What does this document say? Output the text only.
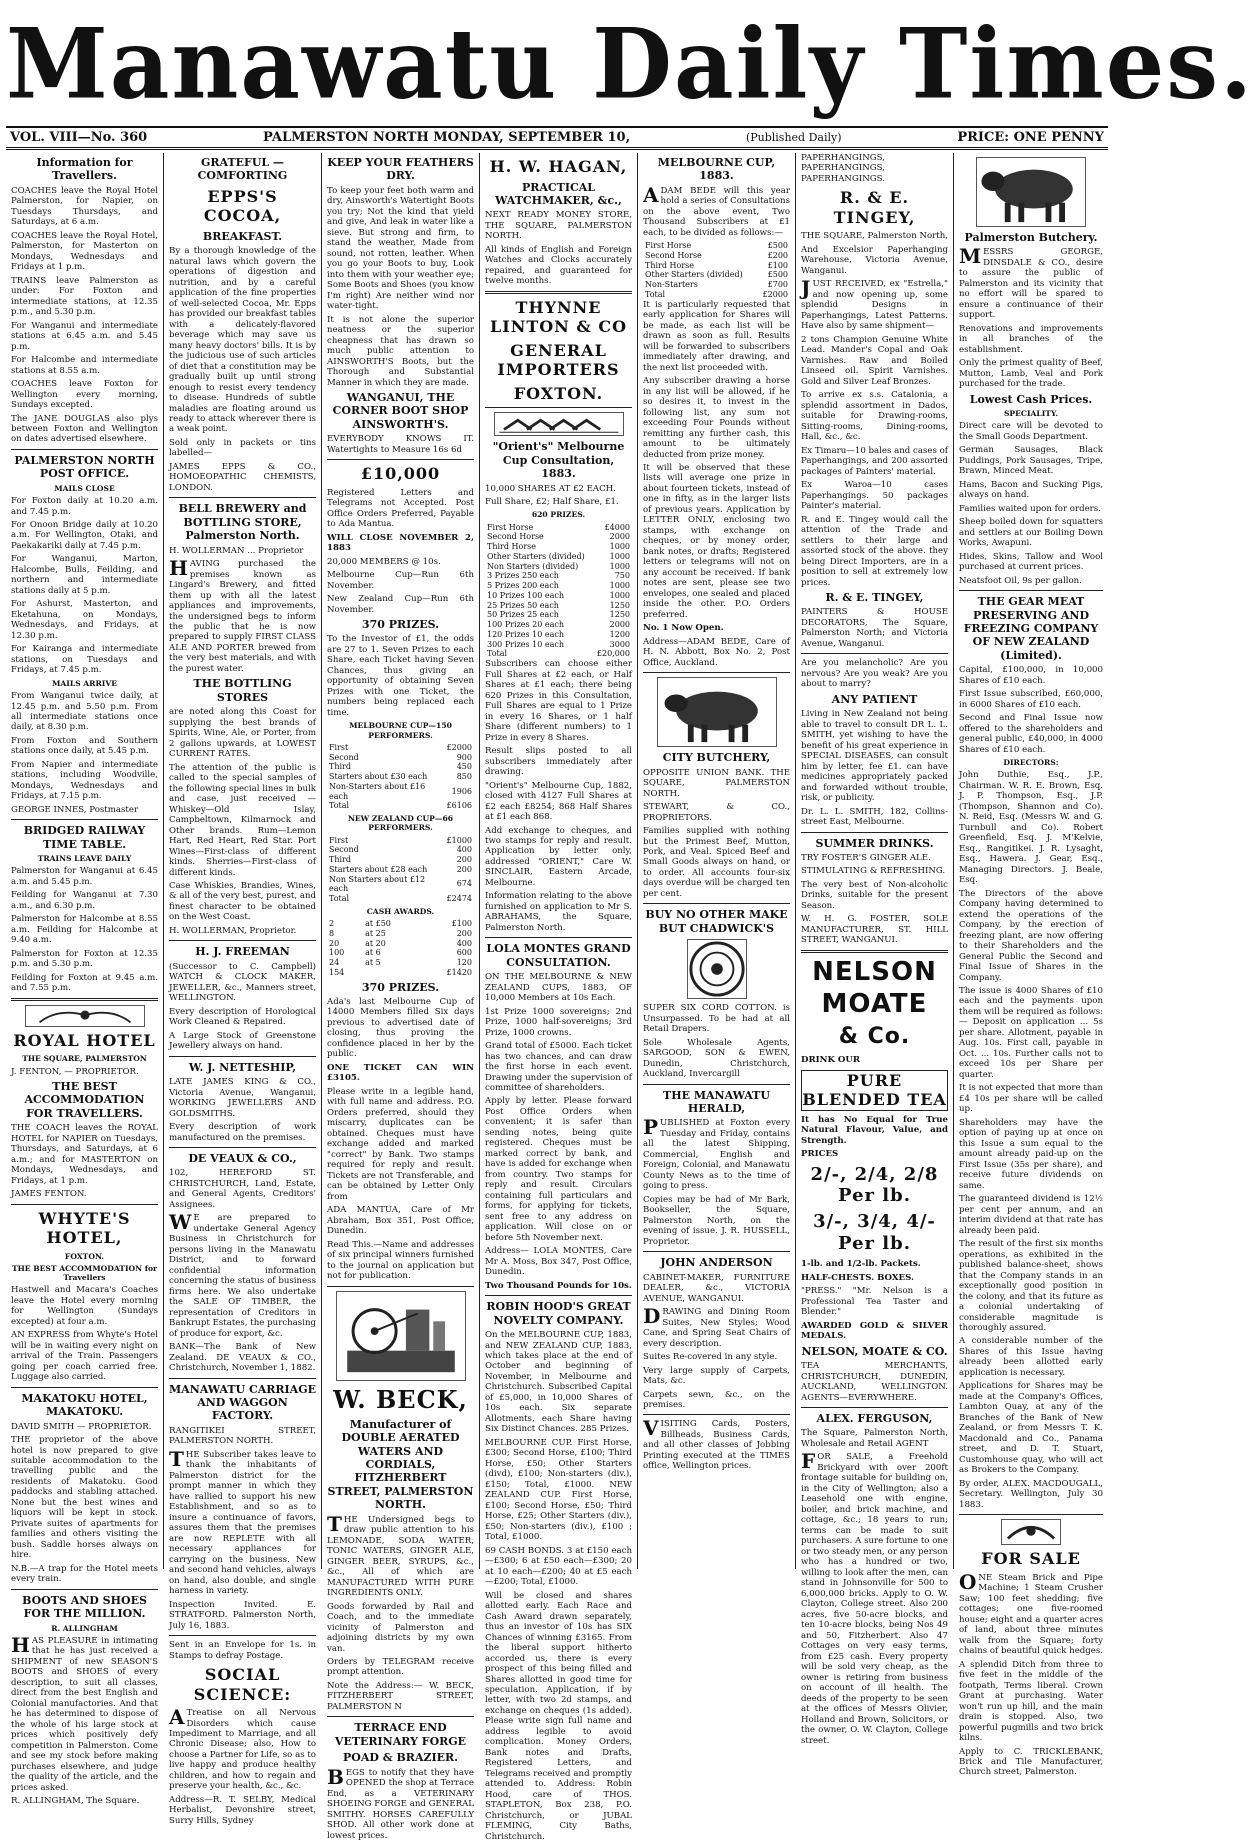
Manawatu Daily Times.
VOL. VIII—No. 360	PALMERSTON NORTH MONDAY, SEPTEMBER 10,	(Published Daily)	PRICE: ONE PENNY
Information for Travellers.

COACHES leave the Royal Hotel Palmerston, for Napier, on Tuesdays Thursdays, and Saturdays, at 6 a.m.

COACHES leave the Royal Hotel, Palmerston, for Masterton on Mondays, Wednesdays and Fridays at 1 p.m.

TRAINS leave Palmerston as under: For Foxton and intermediate stations, at 12.35 p.m., and 5.30 p.m.

For Wanganui and intermediate stations at 6.45 a.m. and 5.45 p.m.

For Halcombe and intermediate stations at 8.55 a.m.

COACHES leave Foxton for Wellington every morning, Sundays excepted.

The JANE DOUGLAS also plys between Foxton and Wellington on dates advertised elsewhere.

PALMERSTON NORTH POST OFFICE.
MAILS CLOSE

For Foxton daily at 10.20 a.m. and 7.45 p.m.

For Onoon Bridge daily at 10.20 a.m. For Wellington, Otaki, and Paekakariki daily at 7.45 p.m.

For Wanganui, Marton, Halcombe, Bulls, Feilding, and northern and intermediate stations daily at 5 p.m.

For Ashurst, Masterton, and Eketahuna, on Mondays, Wednesdays, and Fridays, at 12.30 p.m.

For Kairanga and intermediate stations, on Tuesdays and Fridays, at 7.45 p.m.

MAILS ARRIVE

From Wanganui twice daily, at 12.45 p.m. and 5.50 p.m. From all intermediate stations once daily, at 8.30 p.m.

From Foxton and Southern stations once daily, at 5.45 p.m.

From Napier and intermediate stations, including Woodville, Mondays, Wednesdays and Fridays, at 7.15 p.m.

GEORGE INNES, Postmaster

BRIDGED RAILWAY TIME TABLE.
TRAINS LEAVE DAILY

Palmerston for Wanganui at 6.45 a.m. and 5.45 p.m.

Feilding for Wanganui at 7.30 a.m., and 6.30 p.m.

Palmerston for Halcombe at 8.55 a.m. Feilding for Halcombe at 9.40 a.m.

Palmerston for Foxton at 12.35 p.m. and 5.30 p.m.

Feilding for Foxton at 9.45 a.m. and 7.55 p.m.

ROYAL HOTEL
THE SQUARE, PALMERSTON

J. FENTON, — PROPRIETOR.

THE BEST ACCOMMODATION FOR TRAVELLERS.

THE COACH leaves the ROYAL HOTEL for NAPIER on Tuesdays, Thursdays, and Saturdays, at 6 a.m.; and for MASTERTON on Mondays, Wednesdays, and Fridays, at 1 p.m.

JAMES FENTON.

WHYTE'S HOTEL,
FOXTON.
THE BEST ACCOMMODATION for Travellers

Hastwell and Macara's Coaches leave the Hotel every morning for Wellington (Sundays excepted) at four a.m.

AN EXPRESS from Whyte's Hotel will be in waiting every night on arrival of the Train. Passengers going per coach carried free. Luggage also carried.

MAKATOKU HOTEL, MAKATOKU.

DAVID SMITH — PROPRIETOR.

THE proprietor of the above hotel is now prepared to give suitable accommodation to the travelling public and the residents of Makatoku. Good paddocks and stabling attached. None but the best wines and liquors will be kept in stock. Private suites of apartments for families and others visiting the bush. Saddle horses always on hire.

N.B.—A trap for the Hotel meets every train.

BOOTS AND SHOES FOR THE MILLION.
R. ALLINGHAM

HAS PLEASURE in intimating that he has just received a SHIPMENT of new SEASON'S BOOTS and SHOES of every description, to suit all classes, direct from the best English and Colonial manufactories. And that he has determined to dispose of the whole of his large stock at prices which positively defy competition in Palmerston. Come and see my stock before making purchases elsewhere, and judge the quality of the article, and the prices asked.

R. ALLINGHAM, The Square.

GRATEFUL — COMFORTING
EPPS'S COCOA,
BREAKFAST.

By a thorough knowledge of the natural laws which govern the operations of digestion and nutrition, and by a careful application of the fine properties of well-selected Cocoa, Mr. Epps has provided our breakfast tables with a delicately-flavored beverage which may save us many heavy doctors' bills. It is by the judicious use of such articles of diet that a constitution may be gradually built up until strong enough to resist every tendency to disease. Hundreds of subtle maladies are floating around us ready to attack wherever there is a weak point.

Sold only in packets or tins labelled—

JAMES EPPS & CO., HOMOEOPATHIC CHEMISTS, LONDON.

BELL BREWERY and BOTTLING STORE, Palmerston North.

H. WOLLERMAN ... Proprietor

HAVING purchased the premises known as Lingard's Brewery, and fitted them up with all the latest appliances and improvements, the undersigned begs to inform the public that he is now prepared to supply FIRST CLASS ALE AND PORTER brewed from the very best materials, and with the purest water.

THE BOTTLING STORES

are noted along this Coast for supplying the best brands of Spirits, Wine, Ale, or Porter, from 2 gallons upwards, at LOWEST CURRENT RATES.

The attention of the public is called to the special samples of the following special lines in bulk and case, just received — Whiskey—Old Islay, Campbeltown, Kilmarnock and Other brands. Rum—Lemon Hart, Red Heart, Red Star. Port Wines—First-class of different kinds. Sherries—First-class of different kinds.

Case Whiskies, Brandies, Wines, & all of the very best, purest, and finest character to be obtained on the West Coast.

H. WOLLERMAN, Proprietor.

H. J. FREEMAN

(Successor to C. Campbell) WATCH & CLOCK MAKER, JEWELLER, &c., Manners street, WELLINGTON.

Every description of Horological Work Cleaned & Repaired.

A Large Stock of Greenstone Jewellery always on hand.

W. J. NETTESHIP,

LATE JAMES KING & CO., Victoria Avenue, Wanganui, WORKING JEWELLERS AND GOLDSMITHS.

Every description of work manufactured on the premises.

DE VEAUX & CO.,

102, HEREFORD ST. CHRISTCHURCH, Land, Estate, and General Agents, Creditors' Assignees.

WE are prepared to undertake General Agency Business in Christchurch for persons living in the Manawatu District, and to forward confidential information concerning the status of business firms here. We also undertake the SALE OF TIMBER, the representation of Creditors in Bankrupt Estates, the purchasing of produce for export, &c.

BANK—The Bank of New Zealand. DE VEAUX & CO., Christchurch, November 1, 1882.

MANAWATU CARRIAGE AND WAGGON FACTORY.

RANGITIKEI STREET, PALMERSTON NORTH.

THE Subscriber takes leave to thank the inhabitants of Palmerston district for the prompt manner in which they have rallied to support his new Establishment, and so as to insure a continuance of favors, assures them that the premises are now REPLETE with all necessary appliances for carrying on the business. New and second hand vehicles, always on hand, also double, and single harness in variety.

Inspection Invited. E. STRATFORD. Palmerston North, July 16, 1883.

Sent in an Envelope for 1s. in Stamps to defray Postage.

SOCIAL SCIENCE:

ATreatise on all Nervous Disorders which cause Impediment to Marriage, and all Chronic Disease; also, How to choose a Partner for Life, so as to live happy and produce healthy children, and how to regain and preserve your health, &c., &c.

Address—R. T. SELBY, Medical Herbalist, Devonshire street, Surry Hills, Sydney

KEEP YOUR FEATHERS DRY.

To keep your feet both warm and dry, Ainsworth's Watertight Boots you try; Not the kind that yield and give, And leak in water like a sieve. But strong and firm, to stand the weather, Made from sound, not rotten, leather. When you go your Boots to buy, Look into them with your weather eye; Some Boots and Shoes (you know I'm right) Are neither wind nor water-tight.

It is not alone the superior neatness or the superior cheapness that has drawn so much public attention to AINSWORTH'S Boots, but the Thorough and Substantial Manner in which they are made.

WANGANUI, THE CORNER BOOT SHOP AINSWORTH'S.

EVERYBODY KNOWS IT. Watertights to Measure 16s 6d

£10,000

Registered Letters and Telegrams not Accepted. Post Office Orders Preferred, Payable to Ada Mantua.

WILL CLOSE NOVEMBER 2, 1883

20,000 MEMBERS @ 10s.

Melbourne Cup—Run 6th November.

New Zealand Cup—Run 6th November.

370 PRIZES.

To the Investor of £1, the odds are 27 to 1. Seven Prizes to each Share, each Ticket having Seven Chances, thus giving an opportunity of obtaining Seven Prizes with one Ticket, the numbers being replaced each time.

MELBOURNE CUP—150 PERFORMERS.
First	£2000
Second	900
Third	450
Starters about £30 each	850
Non-Starters about £16 each	1906
Total	£6106
NEW ZEALAND CUP—66 PERFORMERS.
First	£1000
Second	400
Third	200
Starters about £28 each	200
Non Starters about £12 each	674
Total	£2474
CASH AWARDS.
2	at £50	£100
8	at 25	200
20	at 20	400
100	at 6	600
24	at 5	120
154		£1420
370 PRIZES.

Ada's last Melbourne Cup of 14000 Members filled Six days previous to advertised date of closing, thus proving the confidence placed in her by the public.

ONE TICKET CAN WIN £3105.

Please write in a legible hand, with full name and address. P.O. Orders preferred, should they miscarry, duplicates can be obtained. Cheques must have exchange added and marked "correct" by Bank. Two stamps required for reply and result. Tickets are not Transferable, and can be obtained by Letter Only from

ADA MANTUA, Care of Mr Abraham, Box 351, Post Office, Dunedin.

Read This.—Name and addresses of six principal winners furnished to the journal on application but not for publication.

W. BECK,
Manufacturer of DOUBLE AERATED WATERS AND CORDIALS, FITZHERBERT STREET, PALMERSTON NORTH.

THE Undersigned begs to draw public attention to his LEMONADE, SODA WATER, TONIC WATERS, GINGER ALE, GINGER BEER, SYRUPS, &c., &c., All of which are MANUFACTURED WITH PURE INGREDIENTS ONLY.

Goods forwarded by Rail and Coach, and to the immediate vicinity of Palmerston and adjoining districts by my own van.

Orders by TELEGRAM receive prompt attention.

Note the Address:— W. BECK, FITZHERBERT STREET, PALMERSTON N

TERRACE END VETERINARY FORGE
POAD & BRAZIER.

BEGS to notify that they have OPENED the shop at Terrace End, as a VETERINARY SHOEING FORGE and GENERAL SMITHY. HORSES CAREFULLY SHOD. All other work done at lowest prices.

H. W. HAGAN,
PRACTICAL WATCHMAKER, &c.,

NEXT READY MONEY STORE, THE SQUARE, PALMERSTON NORTH.

All kinds of English and Foreign Watches and Clocks accurately repaired, and guaranteed for twelve months.

THYNNE LINTON & CO
GENERAL IMPORTERS
FOXTON.
"Orient's" Melbourne Cup Consultation, 1883.

10,000 SHARES AT £2 EACH.

Full Share, £2; Half Share, £1.

620 PRIZES.
First Horse	£4000
Second Horse	2000
Third Horse	1000
Other Starters (divided)	1000
Non Starters (divided)	1000
3 Prizes 250 each	750
5 Prizes 200 each	1000
10 Prizes 100 each	1000
25 Prizes 50 each	1250
50 Prizes 25 each	1250
100 Prizes 20 each	2000
120 Prizes 10 each	1200
300 Prizes 10 each	3000
Total	£20,000

Subscribers can choose either Full Shares at £2 each, or Half Shares at £1 each; there being 620 Prizes in this Consultation, Full Shares are equal to 1 Prize in every 16 Shares, or 1 half Share (different numbers) to 1 Prize in every 8 Shares.

Result slips posted to all subscribers immediately after drawing.

"Orient's" Melbourne Cup, 1882, closed with 4127 Full Shares at £2 each £8254; 868 Half Shares at £1 each 868.

Add exchange to cheques, and two stamps for reply and result. Application by letter only, addressed "ORIENT," Care W. SINCLAIR, Eastern Arcade, Melbourne.

Information relating to the above furnished on application to Mr S. ABRAHAMS, the Square, Palmerston North.

LOLA MONTES GRAND CONSULTATION.

ON THE MELBOURNE & NEW ZEALAND CUPS, 1883, OF 10,000 Members at 10s Each.

1st Prize 1000 sovereigns; 2nd Prize, 1000 half-sovereigns; 3rd Prize, 1000 crowns.

Grand total of £5000. Each ticket has two chances, and can draw the first horse in each event. Drawing under the supervision of committee of shareholders.

Apply by letter. Please forward Post Office Orders when convenient; it is safer than sending notes, being quite registered. Cheques must be marked correct by bank, and have is added for exchange when from country. Two stamps for reply and result. Circulars containing full particulars and forms, for applying for tickets, sent free to any address on application. Will close on or before 5th November next.

Address— LOLA MONTES, Care Mr A. Moss, Box 347, Post Office, Dunedin.

Two Thousand Pounds for 10s.

ROBIN HOOD'S GREAT NOVELTY COMPANY.

On the MELBOURNE CUP, 1883, and NEW ZEALAND CUP, 1883, which takes place at the end of October and beginning of November, in Melbourne and Christchurch. Subscribed Capital of £5,000, in 10,000 Shares of 10s each. Six separate Allotments, each Share having Six Distinct Chances. 285 Prizes.

MELBOURNE CUP. First Horse, £300; Second Horse, £100; Third Horse, £50; Other Starters (divd), £100; Non-starters (div.), £150; Total, £1000. NEW ZEALAND CUP. First Horse, £100; Second Horse, £50; Third Horse, £25; Other Starters (div.), £50; Non-starters (div.), £100 ; Total, £1000.

69 CASH BONDS. 3 at £150 each—£300; 6 at £50 each—£300; 20 at 10 each—£200; 40 at £5 each—£200; Total, £1000.

Will be closed and shares allotted early. Each Race and Cash Award drawn separately, thus an investor of 10s has SIX Chances of winning £3165. From the liberal support hitherto accorded us, there is every prospect of this being filled and Shares allotted in good time for speculation. Application, if by letter, with two 2d stamps, and exchange on cheques (1s added). Please write sign full name and address legible to avoid complication. Money Orders, Bank notes and Drafts, Registered Letters, and Telegrams received and promptly attended to. Address: Robin Hood, care of THOS. STAPLETON, Box 238, P.O. Christchurch, or JUBAL FLEMING, City Baths, Christchurch.

MELBOURNE CUP, 1883.

ADAM BEDE will this year hold a series of Consultations on the above event, Two Thousand Subscribers at £1 each, to be divided as follows:—

First Horse	£500
Second Horse	£200
Third Horse	£100
Other Starters (divided)	£500
Non-Starters	£700
Total	£2000

It is particularly requested that early application for Shares will be made, as each list will be drawn as soon as full. Results will be forwarded to subscribers immediately after drawing, and the next list proceeded with.

Any subscriber drawing a horse in any list will be allowed, if he so desires it, to invest in the following list, any sum not exceeding Four Pounds without remitting any further cash, this amount to be ultimately deducted from prize money.

It will be observed that these lists will average one prize in about fourteen tickets, instead of one in fifty, as in the larger lists of previous years. Application by LETTER ONLY, enclosing two stamps, with exchange on cheques, or by money order, bank notes, or drafts; Registered letters or telegrams will not on any account be received. If bank notes are sent, please see two envelopes, one sealed and placed inside the other. P.O. Orders preferred.

No. 1 Now Open.

Address—ADAM BEDE, Care of H. N. Abbott, Box No. 2, Post Office, Auckland.

CITY BUTCHERY,

OPPOSITE UNION BANK. THE SQUARE, PALMERSTON NORTH.

STEWART, & CO., PROPRIETORS.

Families supplied with nothing but the Primest Beef, Mutton, Pork, and Veal. Spiced Beef and Small Goods always on hand, or to order. All accounts four-six days overdue will be charged ten per cent.

BUY NO OTHER MAKE BUT CHADWICK'S

SUPER SIX CORD COTTON. is Unsurpassed. To be had at all Retail Drapers.

Sole Wholesale Agents, SARGOOD, SON & EWEN, Dunedin, Christchurch, Auckland, Invercargill

THE MANAWATU HERALD,

PUBLISHED at Foxton every Tuesday and Friday, contains all the latest Shipping, Commercial, English and Foreign, Colonial, and Manawatu County News as to the time of going to press.

Copies may be had of Mr Bark, Bookseller, the Square, Palmerston North, on the evening of issue. J. R. HUSSELL, Proprietor.

JOHN ANDERSON

CABINET-MAKER, FURNITURE DEALER, &c., VICTORIA AVENUE, WANGANUI.

DRAWING and Dining Room Suites, New Styles; Wood Cane, and Spring Seat Chairs of every description.

Suites Re-covered in any style.

Very large supply of Carpets, Mats, &c.

Carpets sewn, &c., on the premises.

VISITING Cards, Posters, Billheads, Business Cards, and all other classes of Jobbing Printing executed at the TIMES office, Wellington prices.

PAPERHANGINGS, PAPERHANGINGS, PAPERHANGINGS.

R. & E. TINGEY,

THE SQUARE, Palmerston North,

And Excelsior Paperhanging Warehouse, Victoria Avenue, Wanganui.

JUST RECEIVED, ex "Estrella," and now opening up, some splendid Designs in Paperhangings, Latest Patterns. Have also by same shipment—

2 tons Champion Genuine White Lead. Mander's Copal and Oak Varnishes. Raw and Boiled Linseed oil. Spirit Varnishes. Gold and Silver Leaf Bronzes.

To arrive ex s.s. Catalonia, a splendid assortment in Dados, suitable for Drawing-rooms, Sitting-rooms, Dining-rooms, Hall, &c., &c.

Ex Timaru—10 bales and cases of Paperhangings, and 200 assorted packages of Painters' material.

Ex Waroa—10 cases Paperhangings. 50 packages Painter's material.

R. and E. Tingey would call the attention of the Trade and settlers to their large and assorted stock of the above. they being Direct Importers, are in a position to sell at extremely low prices.

R. & E. TINGEY,

PAINTERS & HOUSE DECORATORS, The Square, Palmerston North; and Victoria Avenue, Wanganui.

Are you melancholic? Are you nervous? Are you weak? Are you about to marry?

ANY PATIENT

Living in New Zealand not being able to travel to consult DR L. L. SMITH, yet wishing to have the benefit of his great experience in SPECIAL DISEASES, can consult him by letter, fee £1. can have medicines appropriately packed and forwarded without trouble, risk, or publicity.

Dr. L. L. SMITH, 182, Collins-street East, Melbourne.

SUMMER DRINKS.

TRY FOSTER'S GINGER ALE.

STIMULATING & REFRESHING.

The very best of Non-alcoholic Drinks, suitable for the present Season.

W. H. G. FOSTER, SOLE MANUFACTURER, ST. HILL STREET, WANGANUI.

NELSON MOATE
& Co.

DRINK OUR

PURE BLENDED TEA

It has No Equal for True Natural Flavour, Value, and Strength.

PRICES

2/-, 2/4, 2/8 Per lb.
3/-, 3/4, 4/- Per lb.

1-lb. and 1/2-lb. Packets.

HALF-CHESTS. BOXES.

"PRESS." "Mr. Nelson is a Professional Tea Taster and Blender."

AWARDED GOLD & SILVER MEDALS.

NELSON, MOATE & CO.

TEA MERCHANTS, CHRISTCHURCH, DUNEDIN, AUCKLAND, WELLINGTON. AGENTS—EVERYWHERE.

ALEX. FERGUSON,

The Square, Palmerston North, Wholesale and Retail AGENT

FOR SALE, a Freehold Brickyard with over 200ft frontage suitable for building on, in the City of Wellington; also a Leasehold one with engine, boiler, and brick machine, and cottage, &c.; 18 years to run; terms can be made to suit purchasers. A sure fortune to one or two steady men, or any person who has a hundred or two, willing to look after the men, can stand in Johnsonville for 500 to 6,000,000 bricks. Apply to O. W. Clayton, College street. Also 200 acres, five 50-acre blocks, and ten 10-acre blocks, being Nos 49 and 50, Fitzherbert. Also 47 Cottages on very easy terms, from £25 cash. Every property will be sold very cheap, as the owner is retiring from business on account of ill health. The deeds of the property to be seen at the offices of Messrs Olivier, Holland and Brown, Solicitors, or the owner, O. W. Clayton, College street.

Palmerston Butchery.

MESSRS GEORGE, DINSDALE & CO., desire to assure the public of Palmerston and its vicinity that no effort will be spared to ensure a continuance of their support.

Renovations and improvements in all branches of the establishment.

Only the primest quality of Beef, Mutton, Lamb, Veal and Pork purchased for the trade.

Lowest Cash Prices.
SPECIALITY.

Direct care will be devoted to the Small Goods Department.

German Sausages, Black Puddings, Pork Sausages, Tripe, Brawn, Minced Meat.

Hams, Bacon and Sucking Pigs, always on hand.

Families waited upon for orders.

Sheep boiled down for squatters and settlers at our Boiling Down Works, Awapuni.

Hides, Skins, Tallow and Wool purchased at current prices.

Neatsfoot Oil, 9s per gallon.

THE GEAR MEAT PRESERVING AND FREEZING COMPANY OF NEW ZEALAND (Limited).

Capital, £100,000, in 10,000 Shares of £10 each.

First Issue subscribed, £60,000, in 6000 Shares of £10 each.

Second and Final Issue now offered to the shareholders and general public, £40,000, in 4000 Shares of £10 each.

DIRECTORS:

John Duthie, Esq., J.P., Chairman. W. R. E. Brown, Esq. J. P. Thompson, Esq., J.P. (Thompson, Shannon and Co). N. Reid, Esq. (Messrs W. and G. Turnbull and Co). Robert Greenfield, Esq. J. M'Kelvie, Esq., Rangitikei. J. R. Lysaght, Esq., Hawera. J. Gear, Esq., Managing Directors. J. Beale, Esq.

The Directors of the above Company having determined to extend the operations of the Company, by the erection of freezing plant, are now offering to their Shareholders and the General Public the Second and Final Issue of Shares in the Company.

The issue is 4000 Shares of £10 each and the payments upon them will be required as follows:— Deposit on application ... 5s per share. Allotment, payable in Aug. 10s. First call, payable in Oct. ... 10s. Further calls not to exceed 10s per Share per quarter.

It is not expected that more than £4 10s per share will be called up.

Shareholders may have the option of paying up at once on this Issue a sum equal to the amount already paid-up on the First Issue (35s per share), and receive future dividends on same.

The guaranteed dividend is 12½ per cent per annum, and an interim dividend at that rate has already been paid.

The result of the first six months operations, as exhibited in the published balance-sheet, shows that the Company stands in an exceptionally good position in the colony, and that its future as a colonial undertaking of considerable magnitude is thoroughly assured.

A considerable number of the Shares of this Issue having already been allotted early application is necessary.

Applications for Shares may be made at the Company's Offices, Lambton Quay, at any of the Branches of the Bank of New Zealand, or from Messrs T. K. Macdonald and Co., Panama street, and D. T. Stuart, Customhouse quay, who will act as Brokers to the Company.

By order, ALEX. MACDOUGALL, Secretary. Wellington, July 30 1883.

FOR SALE

ONE Steam Brick and Pipe Machine; 1 Steam Crusher Saw; 100 feet shedding; five cottages; one five-roomed house; eight and a quarter acres of land, about three minutes walk from the Square; forty chains of beautiful quick hedges.

A splendid Ditch from three to five feet in the middle of the footpath, Terms liberal. Crown Grant at purchasing. Water won't run up hill, and the main drain is stopped. Also, two powerful pugmills and two brick kilns.

Apply to C. TRICKLEBANK, Brick and Tile Manufacturer, Church street, Palmerston.
